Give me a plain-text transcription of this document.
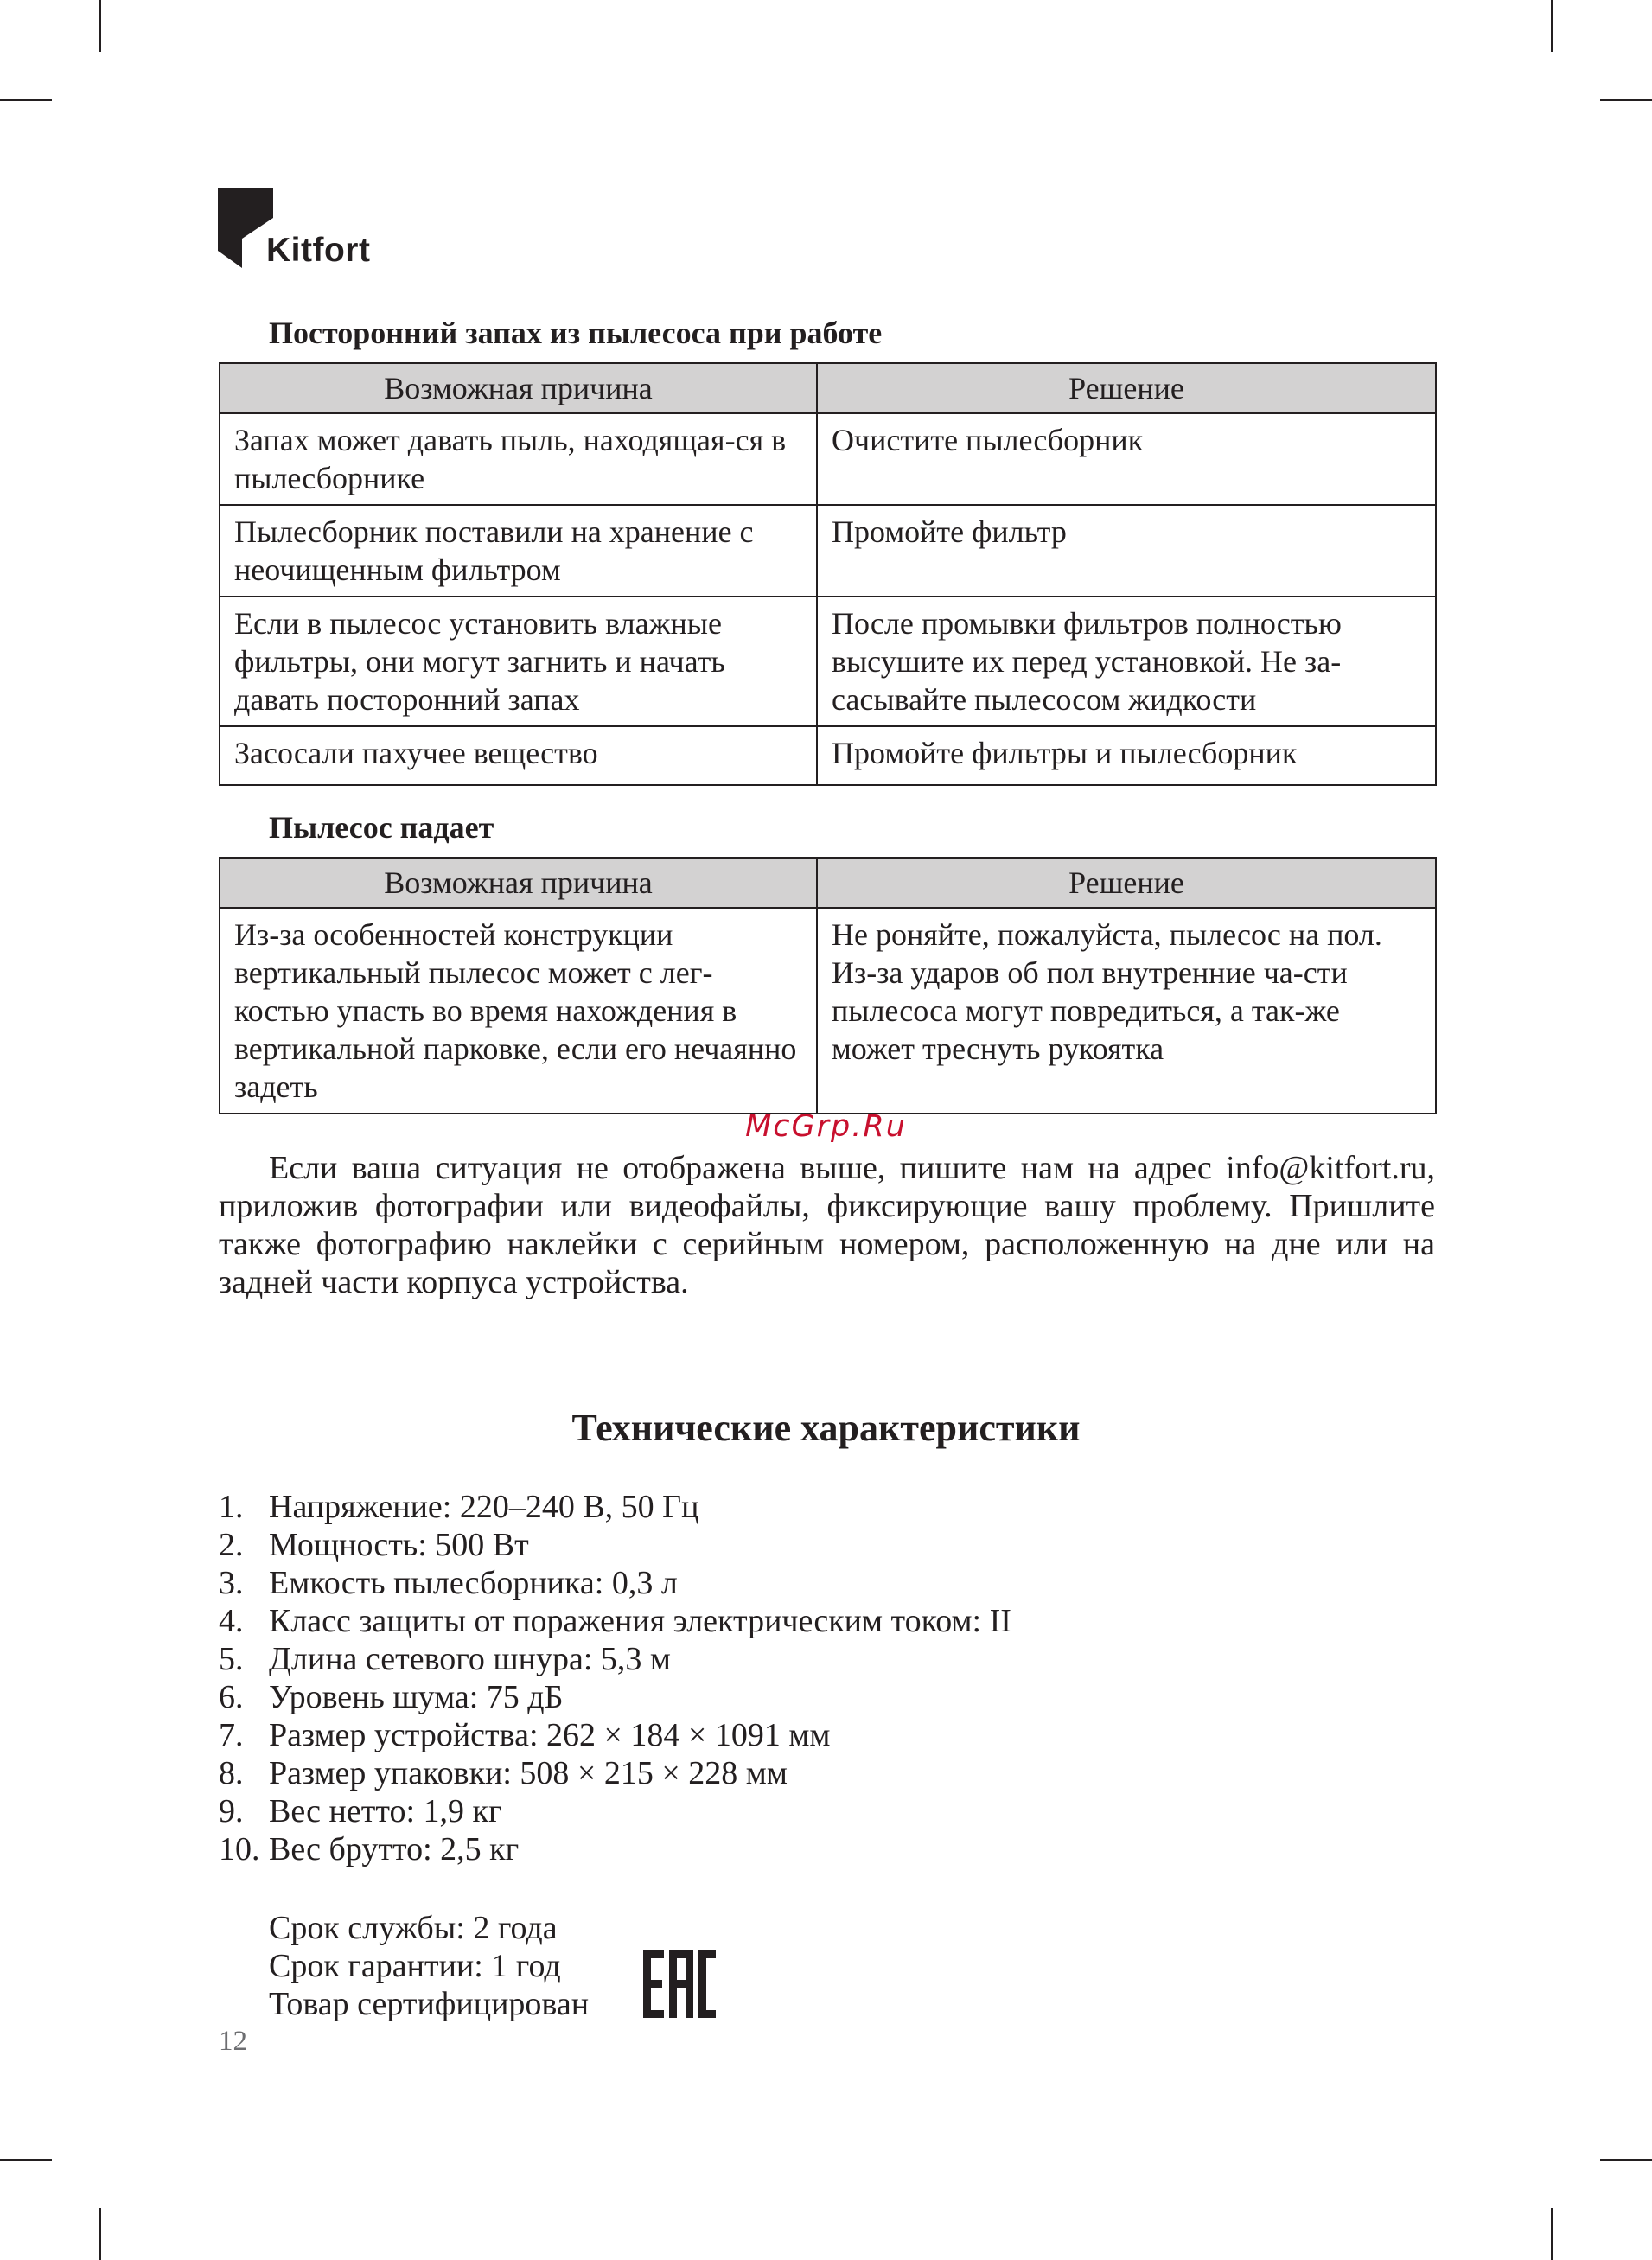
Kitfort
Посторонний запах из пылесоса при работе
Возможная причина	Решение
Запах может давать пыль, находящая-ся в пылесборнике	Очистите пылесборник
Пылесборник поставили на хранение с неочищенным фильтром	Промойте фильтр
Если в пылесос установить влажные фильтры, они могут загнить и начать давать посторонний запах	После промывки фильтров полностью высушите их перед установкой. Не за-сасывайте пылесосом жидкости
Засосали пахучее вещество	Промойте фильтры и пылесборник
Пылесос падает
Возможная причина	Решение
Из-за особенностей конструкции вертикальный пылесос может с лег-костью упасть во время нахождения в вертикальной парковке, если его нечаянно задеть	Не роняйте, пожалуйста, пылесос на пол. Из-за ударов об пол внутренние ча-сти пылесоса могут повредиться, а так-же может треснуть рукоятка
McGrp.Ru

Если ваша ситуация не отображена выше, пишите нам на адрес info@kitfort.ru, приложив фотографии или видеофайлы, фиксирующие вашу проблему. Пришлите также фотографию наклейки с серийным номером, расположенную на дне или на задней части корпуса устройства.

Технические характеристики
1. Напряжение: 220–240 В, 50 Гц
2. Мощность: 500 Вт
3. Емкость пылесборника: 0,3 л
4. Класс защиты от поражения электрическим током: II
5. Длина сетевого шнура: 5,3 м
6. Уровень шума: 75 дБ
7. Размер устройства: 262 × 184 × 1091 мм
8. Размер упаковки: 508 × 215 × 228 мм
9. Вес нетто: 1,9 кг
10. Вес брутто: 2,5 кг
Срок службы: 2 года
Срок гарантии: 1 год
Товар сертифицирован
12
